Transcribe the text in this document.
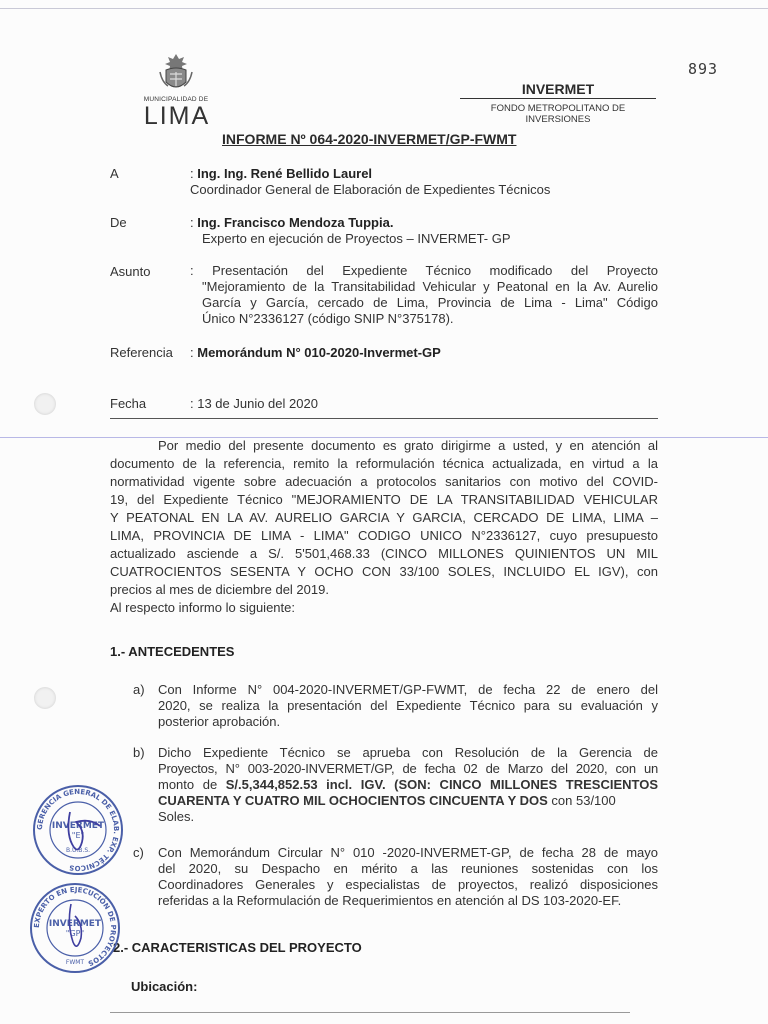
893
MUNICIPALIDAD DE
LIMA
INVERMET
FONDO METROPOLITANO DE INVERSIONES
INFORME Nº 064-2020-INVERMET/GP-FWMT
A	: Ing. Ing. René Bellido Laurel
Coordinador General de Elaboración de Expedientes Técnicos
De	: Ing. Francisco Mendoza Tuppia.
Experto en ejecución de Proyectos – INVERMET- GP
Asunto	: Presentación del Expediente Técnico modificado del Proyecto
"Mejoramiento de la Transitabilidad Vehicular y Peatonal en la Av. Aurelio
García y García, cercado de Lima, Provincia de Lima - Lima" Código
Único N°2336127 (código SNIP N°375178).
Referencia : Memorándum N° 010-2020-Invermet-GP
Fecha	: 13 de Junio del 2020
Por medio del presente documento es grato dirigirme a usted, y en atención al
documento de la referencia, remito la reformulación técnica actualizada, en virtud a la
normatividad vigente sobre adecuación a protocolos sanitarios con motivo del COVID-
19, del Expediente Técnico "MEJORAMIENTO DE LA TRANSITABILIDAD VEHICULAR
Y PEATONAL EN LA AV. AURELIO GARCIA Y GARCIA, CERCADO DE LIMA, LIMA –
LIMA, PROVINCIA DE LIMA - LIMA" CODIGO UNICO N°2336127, cuyo presupuesto
actualizado asciende a S/. 5'501,468.33 (CINCO MILLONES QUINIENTOS UN MIL
CUATROCIENTOS SESENTA Y OCHO CON 33/100 SOLES, INCLUIDO EL IGV), con
precios al mes de diciembre del 2019.
Al respecto informo lo siguiente:
1.- ANTECEDENTES
a) Con Informe N° 004-2020-INVERMET/GP-FWMT, de fecha 22 de enero del
2020, se realiza la presentación del Expediente Técnico para su evaluación y
posterior aprobación.
b) Dicho Expediente Técnico se aprueba con Resolución de la Gerencia de
Proyectos, N° 003-2020-INVERMET/GP, de fecha 02 de Marzo del 2020, con un
monto de S/.5,344,852.53 incl. IGV. (SON: CINCO MILLONES TRESCIENTOS
CUARENTA Y CUATRO MIL OCHOCIENTOS CINCUENTA Y DOS con 53/100
Soles.
c) Con Memorándum Circular N° 010 -2020-INVERMET-GP, de fecha 28 de mayo
del 2020, su Despacho en mérito a las reuniones sostenidas con los
Coordinadores Generales y especialistas de proyectos, realizó disposiciones
referidas a la Reformulación de Requerimientos en atención al DS 103-2020-EF.
2.- CARACTERISTICAS DEL PROYECTO
Ubicación:
GERENCIA GENERAL DE ELAB. EXP. TÉCNICOS
INVERMET
"E"
B.U.B.S.
EXPERTO EN EJECUCIÓN DE PROYECTOS
INVERMET
"GP"
FWMT
